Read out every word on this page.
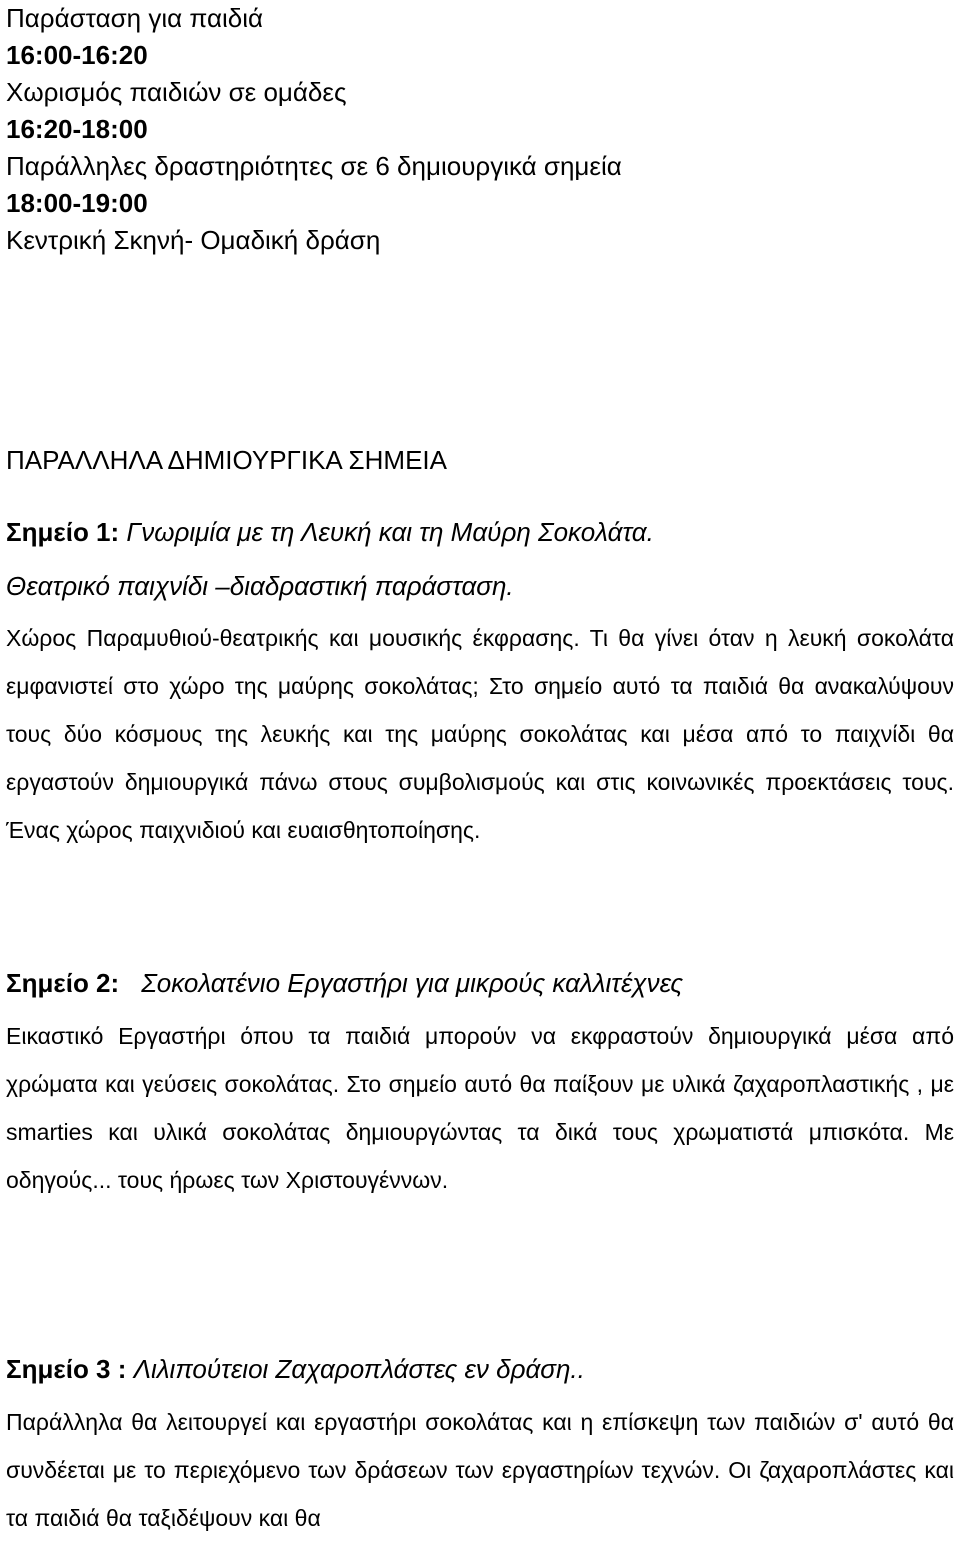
Παράσταση για παιδιά
16:00-16:20
Χωρισμός παιδιών σε ομάδες
16:20-18:00
Παράλληλες δραστηριότητες σε 6 δημιουργικά σημεία
18:00-19:00
Κεντρική Σκηνή- Ομαδική δράση
ΠΑΡΑΛΛΗΛΑ ΔΗΜΙΟΥΡΓΙΚΑ ΣΗΜΕΙΑ
Σημείο 1: Γνωριμία με τη Λευκή και τη Μαύρη Σοκολάτα.
Θεατρικό παιχνίδι –διαδραστική παράσταση.
Χώρος Παραμυθιού-θεατρικής και μουσικής έκφρασης. Τι θα γίνει όταν η λευκή σοκολάτα εμφανιστεί στο χώρο της μαύρης σοκολάτας; Στο σημείο αυτό τα παιδιά θα ανακαλύψουν τους δύο κόσμους της λευκής και της μαύρης σοκολάτας και μέσα από το παιχνίδι θα εργαστούν δημιουργικά πάνω στους συμβολισμούς και στις κοινωνικές προεκτάσεις τους. Ένας χώρος παιχνιδιού και ευαισθητοποίησης.
Σημείο 2: Σοκολατένιο Εργαστήρι για μικρούς καλλιτέχνες
Εικαστικό Εργαστήρι όπου τα παιδιά μπορούν να εκφραστούν δημιουργικά μέσα από χρώματα και γεύσεις σοκολάτας. Στο σημείο αυτό θα παίξουν με υλικά ζαχαροπλαστικής , με smarties και υλικά σοκολάτας δημιουργώντας τα δικά τους χρωματιστά μπισκότα. Με οδηγούς... τους ήρωες των Χριστουγέννων.
Σημείο 3 : Λιλιπούτειοι Ζαχαροπλάστες εν δράση..
Παράλληλα θα λειτουργεί και εργαστήρι σοκολάτας και η επίσκεψη των παιδιών σ' αυτό θα συνδέεται με το περιεχόμενο των δράσεων των εργαστηρίων τεχνών. Οι ζαχαροπλάστες και τα παιδιά θα ταξιδέψουν και θα
